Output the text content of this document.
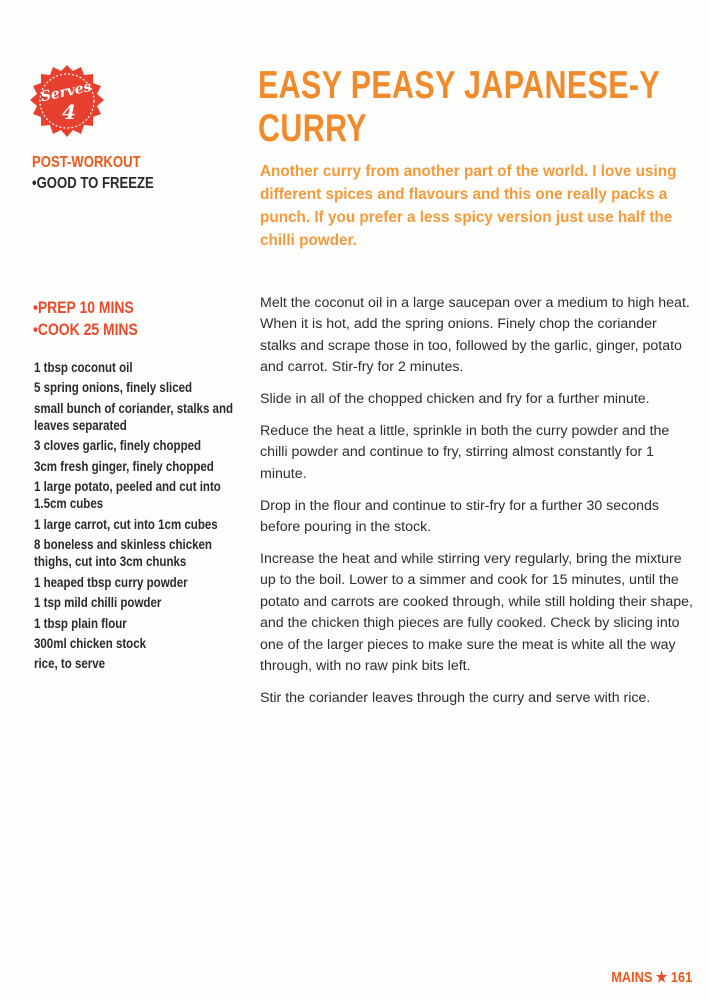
Serves
4
POST-WORKOUT
•GOOD TO FREEZE
EASY PEASY JAPANESE-Y CURRY

Another curry from another part of the world. I love using different spices and flavours and this one really packs a punch. If you prefer a less spicy version just use half the chilli powder.

•PREP 10 MINS
•COOK 25 MINS
1 tbsp coconut oil
5 spring onions, finely sliced
small bunch of coriander, stalks and leaves separated
3 cloves garlic, finely chopped
3cm fresh ginger, finely chopped
1 large potato, peeled and cut into 1.5cm cubes
1 large carrot, cut into 1cm cubes
8 boneless and skinless chicken thighs, cut into 3cm chunks
1 heaped tbsp curry powder
1 tsp mild chilli powder
1 tbsp plain flour
300ml chicken stock
rice, to serve

Melt the coconut oil in a large saucepan over a medium to high heat. When it is hot, add the spring onions. Finely chop the coriander stalks and scrape those in too, followed by the garlic, ginger, potato and carrot. Stir-fry for 2 minutes.

Slide in all of the chopped chicken and fry for a further minute.

Reduce the heat a little, sprinkle in both the curry powder and the chilli powder and continue to fry, stirring almost constantly for 1 minute.

Drop in the flour and continue to stir-fry for a further 30 seconds before pouring in the stock.

Increase the heat and while stirring very regularly, bring the mixture up to the boil. Lower to a simmer and cook for 15 minutes, until the potato and carrots are cooked through, while still holding their shape, and the chicken thigh pieces are fully cooked. Check by slicing into one of the larger pieces to make sure the meat is white all the way through, with no raw pink bits left.

Stir the coriander leaves through the curry and serve with rice.

MAINS ★ 161
